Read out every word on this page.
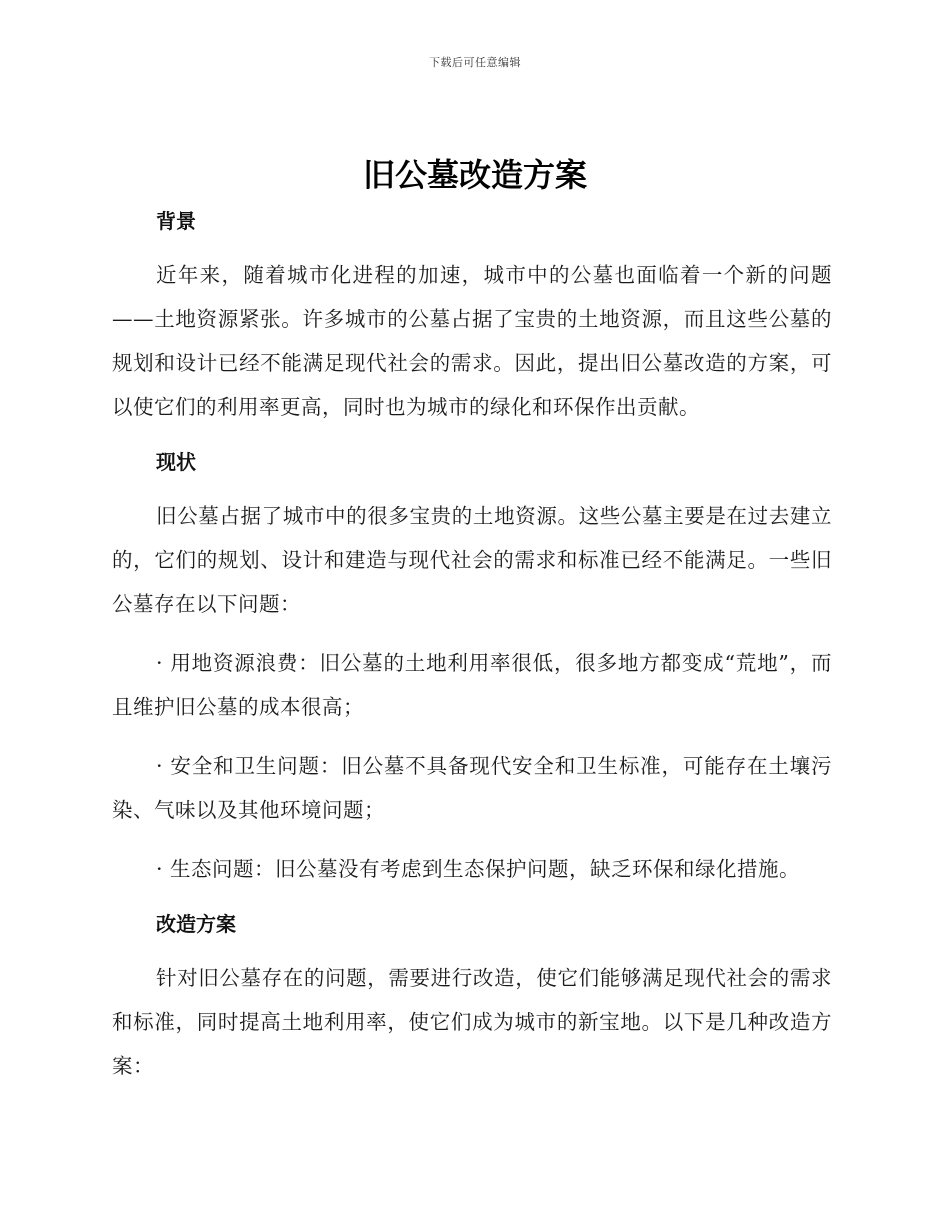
下载后可任意编辑
旧公墓改造方案
背景

近年来，随着城市化进程的加速，城市中的公墓也面临着一个新的问题——土地资源紧张。许多城市的公墓占据了宝贵的土地资源，而且这些公墓的规划和设计已经不能满足现代社会的需求。因此，提出旧公墓改造的方案，可以使它们的利用率更高，同时也为城市的绿化和环保作出贡献。

现状

旧公墓占据了城市中的很多宝贵的土地资源。这些公墓主要是在过去建立的，它们的规划、设计和建造与现代社会的需求和标准已经不能满足。一些旧公墓存在以下问题：

· 用地资源浪费：旧公墓的土地利用率很低，很多地方都变成“荒地”，而且维护旧公墓的成本很高；

· 安全和卫生问题：旧公墓不具备现代安全和卫生标准，可能存在土壤污染、气味以及其他环境问题；

· 生态问题：旧公墓没有考虑到生态保护问题，缺乏环保和绿化措施。

改造方案

针对旧公墓存在的问题，需要进行改造，使它们能够满足现代社会的需求和标准，同时提高土地利用率，使它们成为城市的新宝地。以下是几种改造方案：
